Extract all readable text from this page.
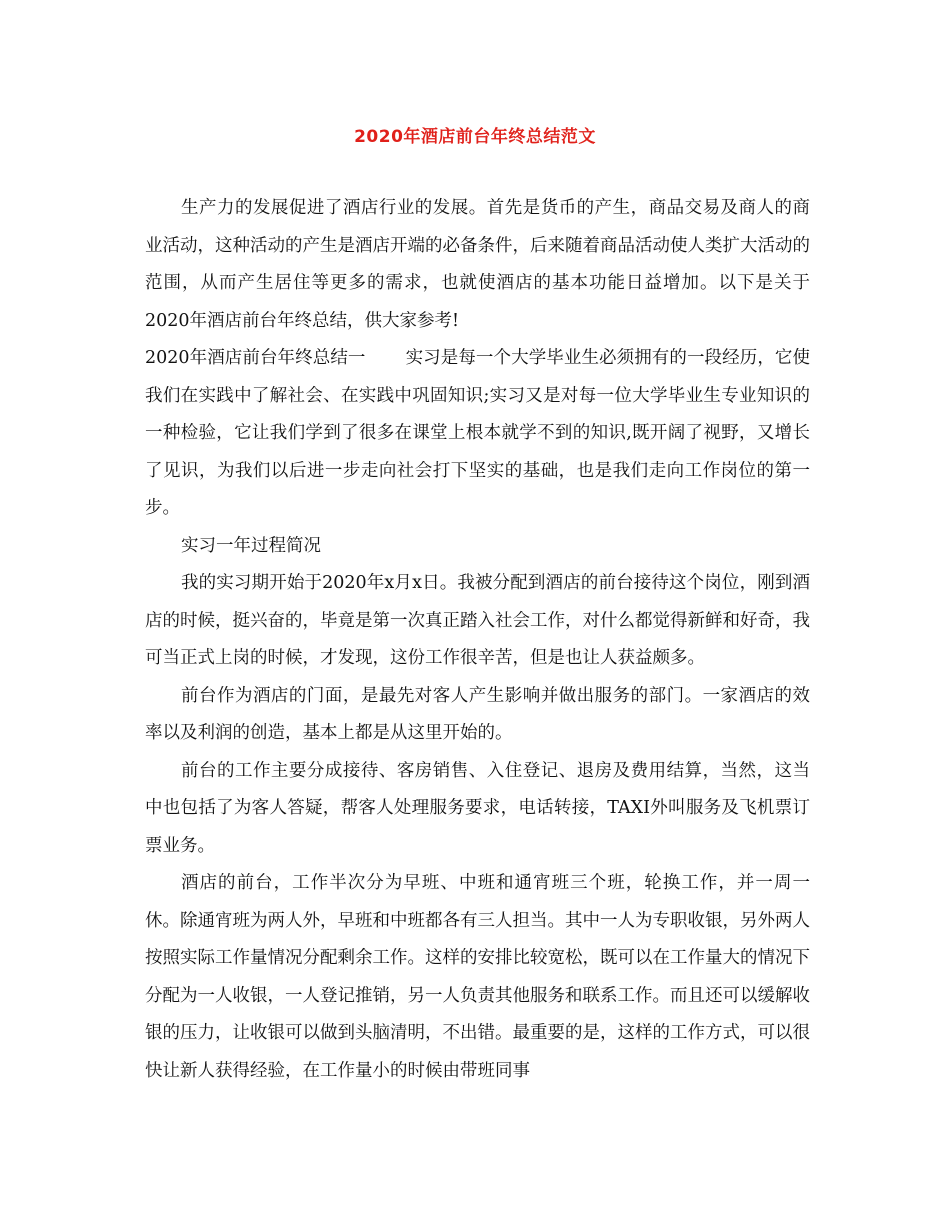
2020年酒店前台年终总结范文

生产力的发展促进了酒店行业的发展。首先是货币的产生，商品交易及商人的商业活动，这种活动的产生是酒店开端的必备条件，后来随着商品活动使人类扩大活动的范围，从而产生居住等更多的需求，也就使酒店的基本功能日益增加。以下是关于2020年酒店前台年终总结，供大家参考!

2020年酒店前台年终总结一 实习是每一个大学毕业生必须拥有的一段经历，它使我们在实践中了解社会、在实践中巩固知识;实习又是对每一位大学毕业生专业知识的一种检验，它让我们学到了很多在课堂上根本就学不到的知识,既开阔了视野，又增长了见识，为我们以后进一步走向社会打下坚实的基础，也是我们走向工作岗位的第一步。

实习一年过程简况

我的实习期开始于2020年x月x日。我被分配到酒店的前台接待这个岗位，刚到酒店的时候，挺兴奋的，毕竟是第一次真正踏入社会工作，对什么都觉得新鲜和好奇，我可当正式上岗的时候，才发现，这份工作很辛苦，但是也让人获益颇多。

前台作为酒店的门面，是最先对客人产生影响并做出服务的部门。一家酒店的效率以及利润的创造，基本上都是从这里开始的。

前台的工作主要分成接待、客房销售、入住登记、退房及费用结算，当然，这当中也包括了为客人答疑，帮客人处理服务要求，电话转接，TAXI外叫服务及飞机票订票业务。

酒店的前台，工作半次分为早班、中班和通宵班三个班，轮换工作，并一周一休。除通宵班为两人外，早班和中班都各有三人担当。其中一人为专职收银，另外两人按照实际工作量情况分配剩余工作。这样的安排比较宽松，既可以在工作量大的情况下分配为一人收银，一人登记推销，另一人负责其他服务和联系工作。而且还可以缓解收银的压力，让收银可以做到头脑清明，不出错。最重要的是，这样的工作方式，可以很快让新人获得经验，在工作量小的时候由带班同事
